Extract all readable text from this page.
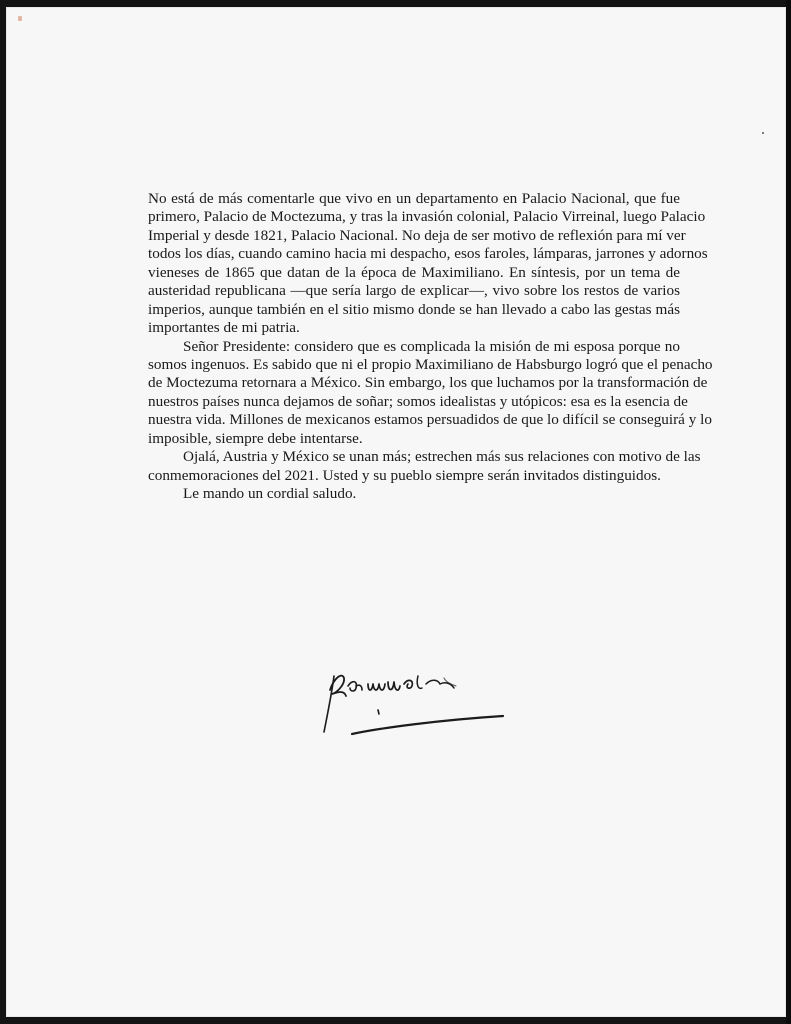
No está de más comentarle que vivo en un departamento en Palacio Nacional, que fue
primero, Palacio de Moctezuma, y tras la invasión colonial, Palacio Virreinal, luego Palacio
Imperial y desde 1821, Palacio Nacional. No deja de ser motivo de reflexión para mí ver
todos los días, cuando camino hacia mi despacho, esos faroles, lámparas, jarrones y adornos
vieneses de 1865 que datan de la época de Maximiliano. En síntesis, por un tema de
austeridad republicana —que sería largo de explicar—, vivo sobre los restos de varios
imperios, aunque también en el sitio mismo donde se han llevado a cabo las gestas más
importantes de mi patria.
Señor Presidente: considero que es complicada la misión de mi esposa porque no
somos ingenuos. Es sabido que ni el propio Maximiliano de Habsburgo logró que el penacho
de Moctezuma retornara a México. Sin embargo, los que luchamos por la transformación de
nuestros países nunca dejamos de soñar; somos idealistas y utópicos: esa es la esencia de
nuestra vida. Millones de mexicanos estamos persuadidos de que lo difícil se conseguirá y lo
imposible, siempre debe intentarse.
Ojalá, Austria y México se unan más; estrechen más sus relaciones con motivo de las
conmemoraciones del 2021. Usted y su pueblo siempre serán invitados distinguidos.
Le mando un cordial saludo.
